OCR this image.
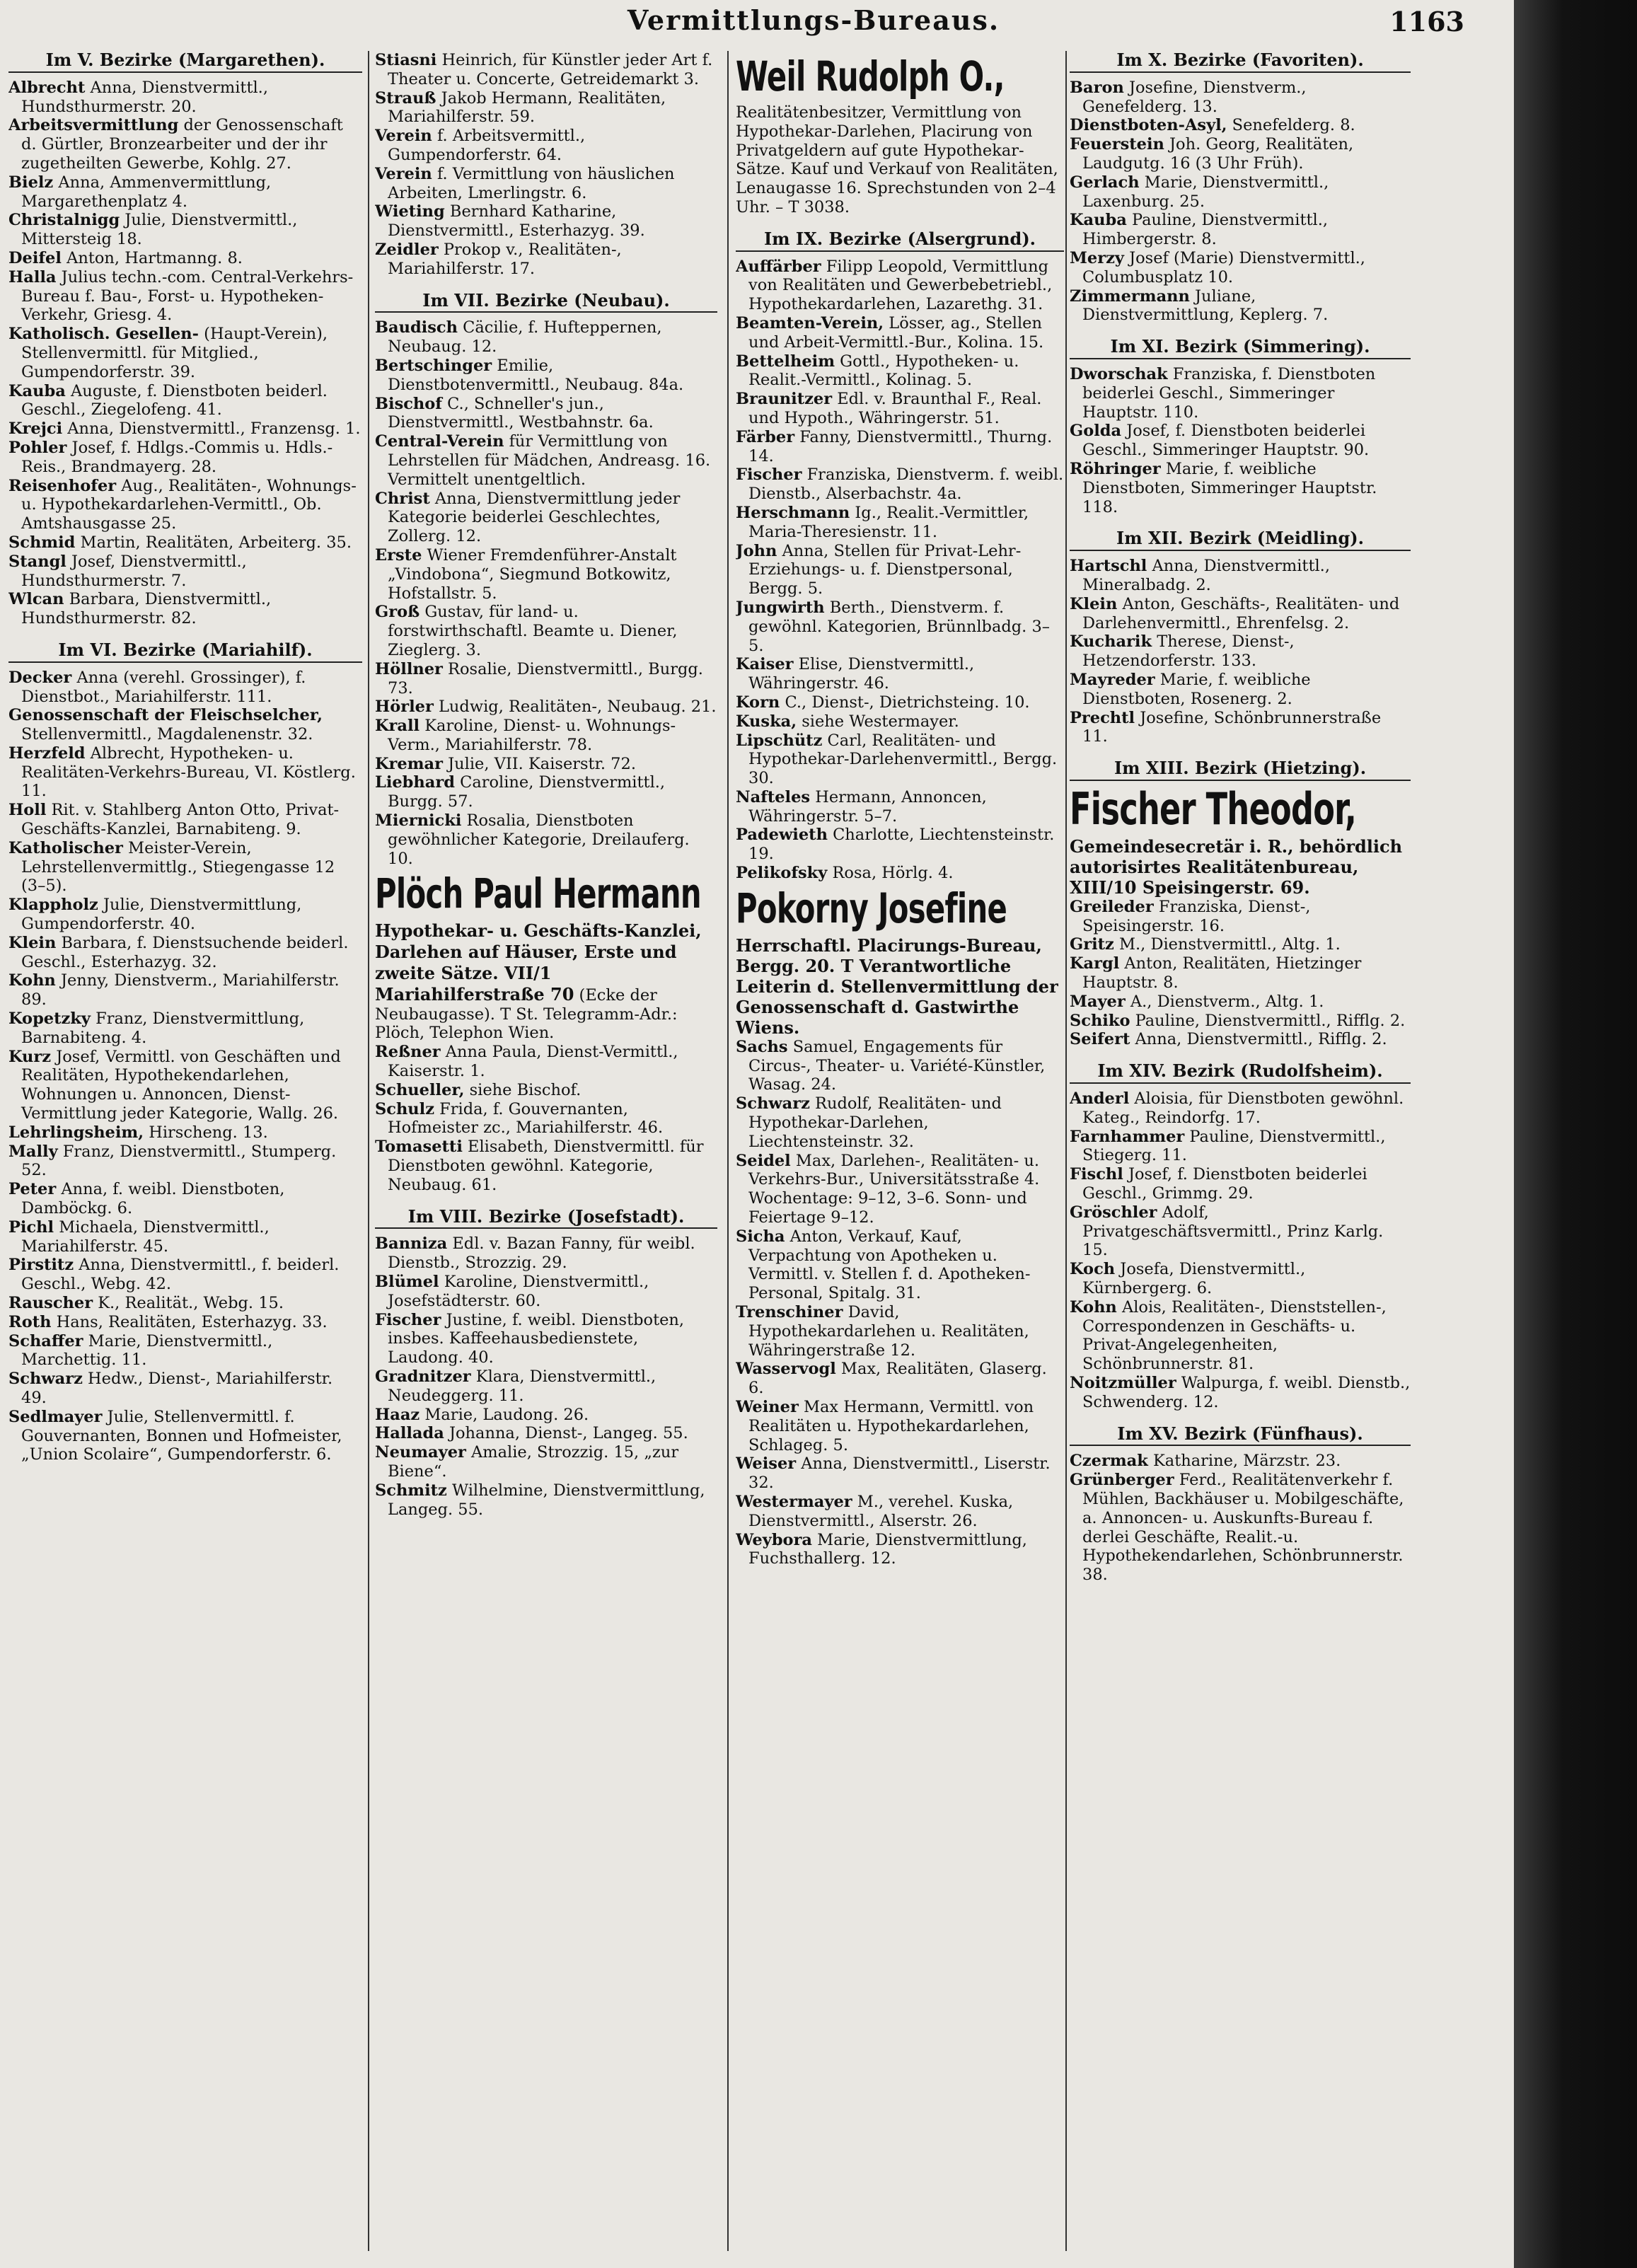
Vermittlungs-Bureaus.	1163
Im V. Bezirke (Margarethen).

Albrecht Anna, Dienstvermittl., Hundsthurmerstr. 20.

Arbeitsvermittlung der Genossenschaft d. Gürtler, Bronzearbeiter und der ihr zugetheilten Gewerbe, Kohlg. 27.

Bielz Anna, Ammenvermittlung, Margarethenplatz 4.

Christalnigg Julie, Dienstvermittl., Mittersteig 18.

Deifel Anton, Hartmanng. 8.

Halla Julius techn.-com. Central-Verkehrs-Bureau f. Bau-, Forst- u. Hypotheken-Verkehr, Griesg. 4.

Katholisch. Gesellen- (Haupt-Verein), Stellenvermittl. für Mitglied., Gumpendorferstr. 39.

Kauba Auguste, f. Dienstboten beiderl. Geschl., Ziegelofeng. 41.

Krejci Anna, Dienstvermittl., Franzensg. 1.

Pohler Josef, f. Hdlgs.-Commis u. Hdls.-Reis., Brandmayerg. 28.

Reisenhofer Aug., Realitäten-, Wohnungs- u. Hypothekardarlehen-Vermittl., Ob. Amtshausgasse 25.

Schmid Martin, Realitäten, Arbeiterg. 35.

Stangl Josef, Dienstvermittl., Hundsthurmerstr. 7.

Wlcan Barbara, Dienstvermittl., Hundsthurmerstr. 82.

Im VI. Bezirke (Mariahilf).

Decker Anna (verehl. Grossinger), f. Dienstbot., Mariahilferstr. 111.

Genossenschaft der Fleischselcher, Stellenvermittl., Magdalenenstr. 32.

Herzfeld Albrecht, Hypotheken- u. Realitäten-Verkehrs-Bureau, VI. Köstlerg. 11.

Holl Rit. v. Stahlberg Anton Otto, Privat-Geschäfts-Kanzlei, Barnabiteng. 9.

Katholischer Meister-Verein, Lehrstellenvermittlg., Stiegengasse 12 (3–5).

Klappholz Julie, Dienstvermittlung, Gumpendorferstr. 40.

Klein Barbara, f. Dienstsuchende beiderl. Geschl., Esterhazyg. 32.

Kohn Jenny, Dienstverm., Mariahilferstr. 89.

Kopetzky Franz, Dienstvermittlung, Barnabiteng. 4.

Kurz Josef, Vermittl. von Geschäften und Realitäten, Hypothekendarlehen, Wohnungen u. Annoncen, Dienst-Vermittlung jeder Kategorie, Wallg. 26.

Lehrlingsheim, Hirscheng. 13.

Mally Franz, Dienstvermittl., Stumperg. 52.

Peter Anna, f. weibl. Dienstboten, Damböckg. 6.

Pichl Michaela, Dienstvermittl., Mariahilferstr. 45.

Pirstitz Anna, Dienstvermittl., f. beiderl. Geschl., Webg. 42.

Rauscher K., Realität., Webg. 15.

Roth Hans, Realitäten, Esterhazyg. 33.

Schaffer Marie, Dienstvermittl., Marchettig. 11.

Schwarz Hedw., Dienst-, Mariahilferstr. 49.

Sedlmayer Julie, Stellenvermittl. f. Gouvernanten, Bonnen und Hofmeister, „Union Scolaire“, Gumpendorferstr. 6.

Stiasni Heinrich, für Künstler jeder Art f. Theater u. Concerte, Getreidemarkt 3.

Strauß Jakob Hermann, Realitäten, Mariahilferstr. 59.

Verein f. Arbeitsvermittl., Gumpendorferstr. 64.

Verein f. Vermittlung von häuslichen Arbeiten, Lmerlingstr. 6.

Wieting Bernhard Katharine, Dienstvermittl., Esterhazyg. 39.

Zeidler Prokop v., Realitäten-, Mariahilferstr. 17.

Im VII. Bezirke (Neubau).

Baudisch Cäcilie, f. Hufteppernen, Neubaug. 12.

Bertschinger Emilie, Dienstbotenvermittl., Neubaug. 84a.

Bischof C., Schneller's jun., Dienstvermittl., Westbahnstr. 6a.

Central-Verein für Vermittlung von Lehrstellen für Mädchen, Andreasg. 16. Vermittelt unentgeltlich.

Christ Anna, Dienstvermittlung jeder Kategorie beiderlei Geschlechtes, Zollerg. 12.

Erste Wiener Fremdenführer-Anstalt „Vindobona“, Siegmund Botkowitz, Hofstallstr. 5.

Groß Gustav, für land- u. forstwirthschaftl. Beamte u. Diener, Zieglerg. 3.

Höllner Rosalie, Dienstvermittl., Burgg. 73.

Hörler Ludwig, Realitäten-, Neubaug. 21.

Krall Karoline, Dienst- u. Wohnungs-Verm., Mariahilferstr. 78.

Kremar Julie, VII. Kaiserstr. 72.

Liebhard Caroline, Dienstvermittl., Burgg. 57.

Miernicki Rosalia, Dienstboten gewöhnlicher Kategorie, Dreilauferg. 10.

Plöch Paul Hermann
Hypothekar- u. Geschäfts-Kanzlei, Darlehen auf Häuser, Erste und zweite Sätze. VII/1 Mariahilferstraße 70 (Ecke der Neubaugasse). T St. Telegramm-Adr.: Plöch, Telephon Wien.

Reßner Anna Paula, Dienst-Vermittl., Kaiserstr. 1.

Schueller, siehe Bischof.

Schulz Frida, f. Gouvernanten, Hofmeister zc., Mariahilferstr. 46.

Tomasetti Elisabeth, Dienstvermittl. für Dienstboten gewöhnl. Kategorie, Neubaug. 61.

Im VIII. Bezirke (Josefstadt).

Banniza Edl. v. Bazan Fanny, für weibl. Dienstb., Strozzig. 29.

Blümel Karoline, Dienstvermittl., Josefstädterstr. 60.

Fischer Justine, f. weibl. Dienstboten, insbes. Kaffeehausbedienstete, Laudong. 40.

Gradnitzer Klara, Dienstvermittl., Neudeggerg. 11.

Haaz Marie, Laudong. 26.

Hallada Johanna, Dienst-, Langeg. 55.

Neumayer Amalie, Strozzig. 15, „zur Biene“.

Schmitz Wilhelmine, Dienstvermittlung, Langeg. 55.

Weil Rudolph O.,
Realitätenbesitzer, Vermittlung von Hypothekar-Darlehen, Placirung von Privatgeldern auf gute Hypothekar-Sätze. Kauf und Verkauf von Realitäten, Lenaugasse 16. Sprechstunden von 2–4 Uhr. – T 3038.
Im IX. Bezirke (Alsergrund).

Auffärber Filipp Leopold, Vermittlung von Realitäten und Gewerbebetriebl., Hypothekardarlehen, Lazarethg. 31.

Beamten-Verein, Lösser, ag., Stellen und Arbeit-Vermittl.-Bur., Kolina. 15.

Bettelheim Gottl., Hypotheken- u. Realit.-Vermittl., Kolinag. 5.

Braunitzer Edl. v. Braunthal F., Real. und Hypoth., Währingerstr. 51.

Färber Fanny, Dienstvermittl., Thurng. 14.

Fischer Franziska, Dienstverm. f. weibl. Dienstb., Alserbachstr. 4a.

Herschmann Ig., Realit.-Vermittler, Maria-Theresienstr. 11.

John Anna, Stellen für Privat-Lehr-Erziehungs- u. f. Dienstpersonal, Bergg. 5.

Jungwirth Berth., Dienstverm. f. gewöhnl. Kategorien, Brünnlbadg. 3–5.

Kaiser Elise, Dienstvermittl., Währingerstr. 46.

Korn C., Dienst-, Dietrichsteing. 10.

Kuska, siehe Westermayer.

Lipschütz Carl, Realitäten- und Hypothekar-Darlehenvermittl., Bergg. 30.

Nafteles Hermann, Annoncen, Währingerstr. 5–7.

Padewieth Charlotte, Liechtensteinstr. 19.

Pelikofsky Rosa, Hörlg. 4.

Pokorny Josefine
Herrschaftl. Placirungs-Bureau, Bergg. 20. T Verantwortliche Leiterin d. Stellenvermittlung der Genossenschaft d. Gastwirthe Wiens.

Sachs Samuel, Engagements für Circus-, Theater- u. Variété-Künstler, Wasag. 24.

Schwarz Rudolf, Realitäten- und Hypothekar-Darlehen, Liechtensteinstr. 32.

Seidel Max, Darlehen-, Realitäten- u. Verkehrs-Bur., Universitätsstraße 4. Wochentage: 9–12, 3–6. Sonn- und Feiertage 9–12.

Sicha Anton, Verkauf, Kauf, Verpachtung von Apotheken u. Vermittl. v. Stellen f. d. Apotheken-Personal, Spitalg. 31.

Trenschiner David, Hypothekardarlehen u. Realitäten, Währingerstraße 12.

Wasservogl Max, Realitäten, Glaserg. 6.

Weiner Max Hermann, Vermittl. von Realitäten u. Hypothekardarlehen, Schlageg. 5.

Weiser Anna, Dienstvermittl., Liserstr. 32.

Westermayer M., verehel. Kuska, Dienstvermittl., Alserstr. 26.

Weybora Marie, Dienstvermittlung, Fuchsthallerg. 12.

Im X. Bezirke (Favoriten).

Baron Josefine, Dienstverm., Genefelderg. 13.

Dienstboten-Asyl, Senefelderg. 8.

Feuerstein Joh. Georg, Realitäten, Laudgutg. 16 (3 Uhr Früh).

Gerlach Marie, Dienstvermittl., Laxenburg. 25.

Kauba Pauline, Dienstvermittl., Himbergerstr. 8.

Merzy Josef (Marie) Dienstvermittl., Columbusplatz 10.

Zimmermann Juliane, Dienstvermittlung, Keplerg. 7.

Im XI. Bezirk (Simmering).

Dworschak Franziska, f. Dienstboten beiderlei Geschl., Simmeringer Hauptstr. 110.

Golda Josef, f. Dienstboten beiderlei Geschl., Simmeringer Hauptstr. 90.

Röhringer Marie, f. weibliche Dienstboten, Simmeringer Hauptstr. 118.

Im XII. Bezirk (Meidling).

Hartschl Anna, Dienstvermittl., Mineralbadg. 2.

Klein Anton, Geschäfts-, Realitäten- und Darlehenvermittl., Ehrenfelsg. 2.

Kucharik Therese, Dienst-, Hetzendorferstr. 133.

Mayreder Marie, f. weibliche Dienstboten, Rosenerg. 2.

Prechtl Josefine, Schönbrunnerstraße 11.

Im XIII. Bezirk (Hietzing).
Fischer Theodor,
Gemeindesecretär i. R., behördlich autorisirtes Realitätenbureau, XIII/10 Speisingerstr. 69.

Greileder Franziska, Dienst-, Speisingerstr. 16.

Gritz M., Dienstvermittl., Altg. 1.

Kargl Anton, Realitäten, Hietzinger Hauptstr. 8.

Mayer A., Dienstverm., Altg. 1.

Schiko Pauline, Dienstvermittl., Rifflg. 2.

Seifert Anna, Dienstvermittl., Rifflg. 2.

Im XIV. Bezirk (Rudolfsheim).

Anderl Aloisia, für Dienstboten gewöhnl. Kateg., Reindorfg. 17.

Farnhammer Pauline, Dienstvermittl., Stiegerg. 11.

Fischl Josef, f. Dienstboten beiderlei Geschl., Grimmg. 29.

Gröschler Adolf, Privatgeschäftsvermittl., Prinz Karlg. 15.

Koch Josefa, Dienstvermittl., Kürnbergerg. 6.

Kohn Alois, Realitäten-, Dienststellen-, Correspondenzen in Geschäfts- u. Privat-Angelegenheiten, Schönbrunnerstr. 81.

Noitzmüller Walpurga, f. weibl. Dienstb., Schwenderg. 12.

Im XV. Bezirk (Fünfhaus).

Czermak Katharine, Märzstr. 23.

Grünberger Ferd., Realitätenverkehr f. Mühlen, Backhäuser u. Mobilgeschäfte, a. Annoncen- u. Auskunfts-Bureau f. derlei Geschäfte, Realit.-u. Hypothekendarlehen, Schönbrunnerstr. 38.
